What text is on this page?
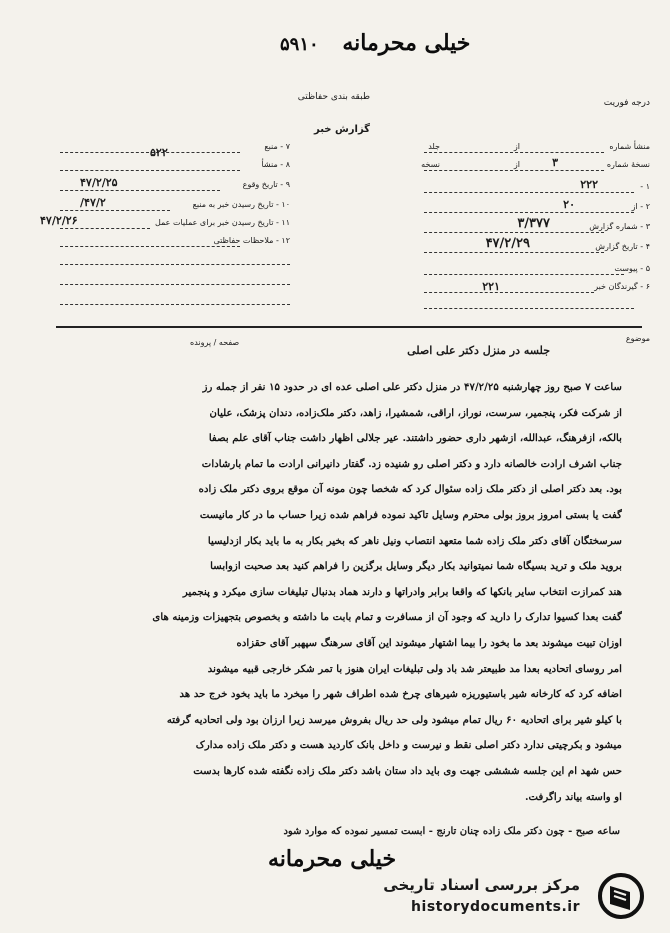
خیلی محرمانه ۵۹۱۰
درجه فوریت
طبقه بندی حفاظتی
گزارش خبر
منشأ شماره
از
جلد
نسخهٔ شماره
۳
از
نسخه
۱ -
۲۲۲
۲ - از
۲۰
۳ - شماره گزارش
۳/۳۷۷
۴ - تاریخ گزارش
۴۷/۲/۲۹
۵ - پیوست
۶ - گیرندگان خبر
۲۲۱
۷ - منبع
۵۲۲
۸ - منشأ
۹ - تاریخ وقوع
۴۷/۲/۲۵
۱۰ - تاریخ رسیدن خبر به منبع
۴۷/۲/
۱۱ - تاریخ رسیدن خبر برای عملیات عمل
۴۷/۲/۲۶
۱۲ - ملاحظات حفاظتی
موضوع
صفحه / پرونده
جلسه در منزل دکتر علی اصلی
ساعت ۷ صبح روز چهارشنبه ۴۷/۲/۲۵ در منزل دکتر علی اصلی عده ای در حدود ۱۵ نفر از جمله رز
از شرکت فکر، پنجمیر، سرست، نوراز، اراقی، شمشیرا، زاهد، دکتر ملک‌زاده، دندان پزشک، علیان
بالکه، ازفرهنگ، عبدالله، ازشهر داری حضور داشتند. عیر جلالی اظهار داشت جناب آقای علم بصفا
جناب اشرف ارادت خالصانه دارد و دکتر اصلی رو شنیده زد. گفتار دانیرانی ارادت ما تمام بارشادات
بود. بعد دکتر اصلی از دکتر ملک زاده سئوال کرد که شخصا چون مونه آن موقع بروی دکتر ملک زاده
گفت یا بستی امروز بروز بولی محترم وسایل تاکید نموده فراهم شده زیرا حساب ما در کار مانیست
سرسختگان آقای دکتر ملک زاده شما متعهد انتصاب ونیل ناهر که بخیر بکار به ما باید بکار ازدلیسیا
بروید ملک و ترید بسیگاه شما نمیتوانید بکار دیگر وسایل برگزین را فراهم کنید بعد صحبت ازوابسا
هند کمرازت انتخاب سایر بانکها که واقعا برابر وادراتها و دارند هماد بدنبال تبلیغات سازی میکرد و پنجمیر
گفت بعدا کسیوا تدارک را دارید که وجود آن از مسافرت و تمام بابت ما داشته و بخصوص بتجهیزات وزمینه های
اوزان تبیت میشوند بعد ما بخود را بیما اشتهار میشوند این آقای سرهنگ سپهبر آقای حقزاده
امر روسای اتحادیه بعدا مد طبیعتر شد باد ولی تبلیغات ایران هنوز با تمر شکر خارجی قبیه میشوند
اضافه کرد که کارخانه شیر باستیوریزه شیرهای چرخ شده اطراف شهر را میخرد ما باید بخود خرج حد هد
با کیلو شیر برای اتحادیه ۶۰ ریال تمام میشود ولی حد ریال بفروش میرسد زیرا ارزان بود ولی اتحادیه گرفته
میشود و بکرچیتی ندارد دکتر اصلی نقط و نیرست و داخل بانک کاردید هست و دکتر ملک زاده مدارک
حس شهد ام این جلسه شششی جهت وی باید داد ستان باشد دکتر ملک زاده نگفته شده کارها بدست
او واسته بیاند راگرفت.
ساعه صبح - چون دکتر ملک زاده چنان تارنج - ابست تمسیر نموده که موارد شود
خیلی محرمانه
مرکز بررسی اسناد تاریخی
historydocuments.ir
